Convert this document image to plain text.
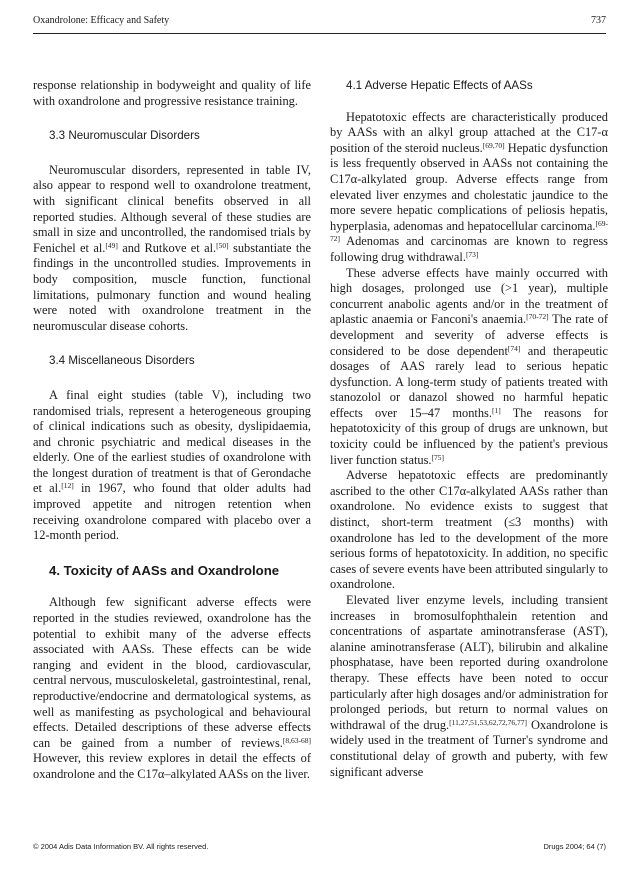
Oxandrolone: Efficacy and Safety	737

response relationship in bodyweight and quality of life with oxandrolone and progressive resistance training.

3.3 Neuromuscular Disorders

Neuromuscular disorders, represented in table IV, also appear to respond well to oxandrolone treatment, with significant clinical benefits observed in all reported studies. Although several of these studies are small in size and uncontrolled, the randomised trials by Fenichel et al.[49] and Rutkove et al.[50] substantiate the findings in the uncontrolled studies. Improvements in body composition, muscle function, functional limitations, pulmonary function and wound healing were noted with oxandrolone treatment in the neuromuscular disease cohorts.

3.4 Miscellaneous Disorders

A final eight studies (table V), including two randomised trials, represent a heterogeneous grouping of clinical indications such as obesity, dyslipidaemia, and chronic psychiatric and medical diseases in the elderly. One of the earliest studies of oxandrolone with the longest duration of treatment is that of Gerondache et al.[12] in 1967, who found that older adults had improved appetite and nitrogen retention when receiving oxandrolone compared with placebo over a 12-month period.

4. Toxicity of AASs and Oxandrolone

Although few significant adverse effects were reported in the studies reviewed, oxandrolone has the potential to exhibit many of the adverse effects associated with AASs. These effects can be wide ranging and evident in the blood, cardiovascular, central nervous, musculoskeletal, gastrointestinal, renal, reproductive/endocrine and dermatological systems, as well as manifesting as psychological and behavioural effects. Detailed descriptions of these adverse effects can be gained from a number of reviews.[8,63-68] However, this review explores in detail the effects of oxandrolone and the C17α–alkylated AASs on the liver.

4.1 Adverse Hepatic Effects of AASs

Hepatotoxic effects are characteristically produced by AASs with an alkyl group attached at the C17-α position of the steroid nucleus.[69,70] Hepatic dysfunction is less frequently observed in AASs not containing the C17α-alkylated group. Adverse effects range from elevated liver enzymes and cholestatic jaundice to the more severe hepatic complications of peliosis hepatis, hyperplasia, adenomas and hepatocellular carcinoma.[69-72] Adenomas and carcinomas are known to regress following drug withdrawal.[73]

These adverse effects have mainly occurred with high dosages, prolonged use (>1 year), multiple concurrent anabolic agents and/or in the treatment of aplastic anaemia or Fanconi's anaemia.[70-72] The rate of development and severity of adverse effects is considered to be dose dependent[74] and therapeutic dosages of AAS rarely lead to serious hepatic dysfunction. A long-term study of patients treated with stanozolol or danazol showed no harmful hepatic effects over 15–47 months.[1] The reasons for hepatotoxicity of this group of drugs are unknown, but toxicity could be influenced by the patient's previous liver function status.[75]

Adverse hepatotoxic effects are predominantly ascribed to the other C17α-alkylated AASs rather than oxandrolone. No evidence exists to suggest that distinct, short-term treatment (≤3 months) with oxandrolone has led to the development of the more serious forms of hepatotoxicity. In addition, no specific cases of severe events have been attributed singularly to oxandrolone.

Elevated liver enzyme levels, including transient increases in bromosulfophthalein retention and concentrations of aspartate aminotransferase (AST), alanine aminotransferase (ALT), bilirubin and alkaline phosphatase, have been reported during oxandrolone therapy. These effects have been noted to occur particularly after high dosages and/or administration for prolonged periods, but return to normal values on withdrawal of the drug.[11,27,51,53,62,72,76,77] Oxandrolone is widely used in the treatment of Turner's syndrome and constitutional delay of growth and puberty, with few significant adverse

© 2004 Adis Data Information BV. All rights reserved.	Drugs 2004; 64 (7)
